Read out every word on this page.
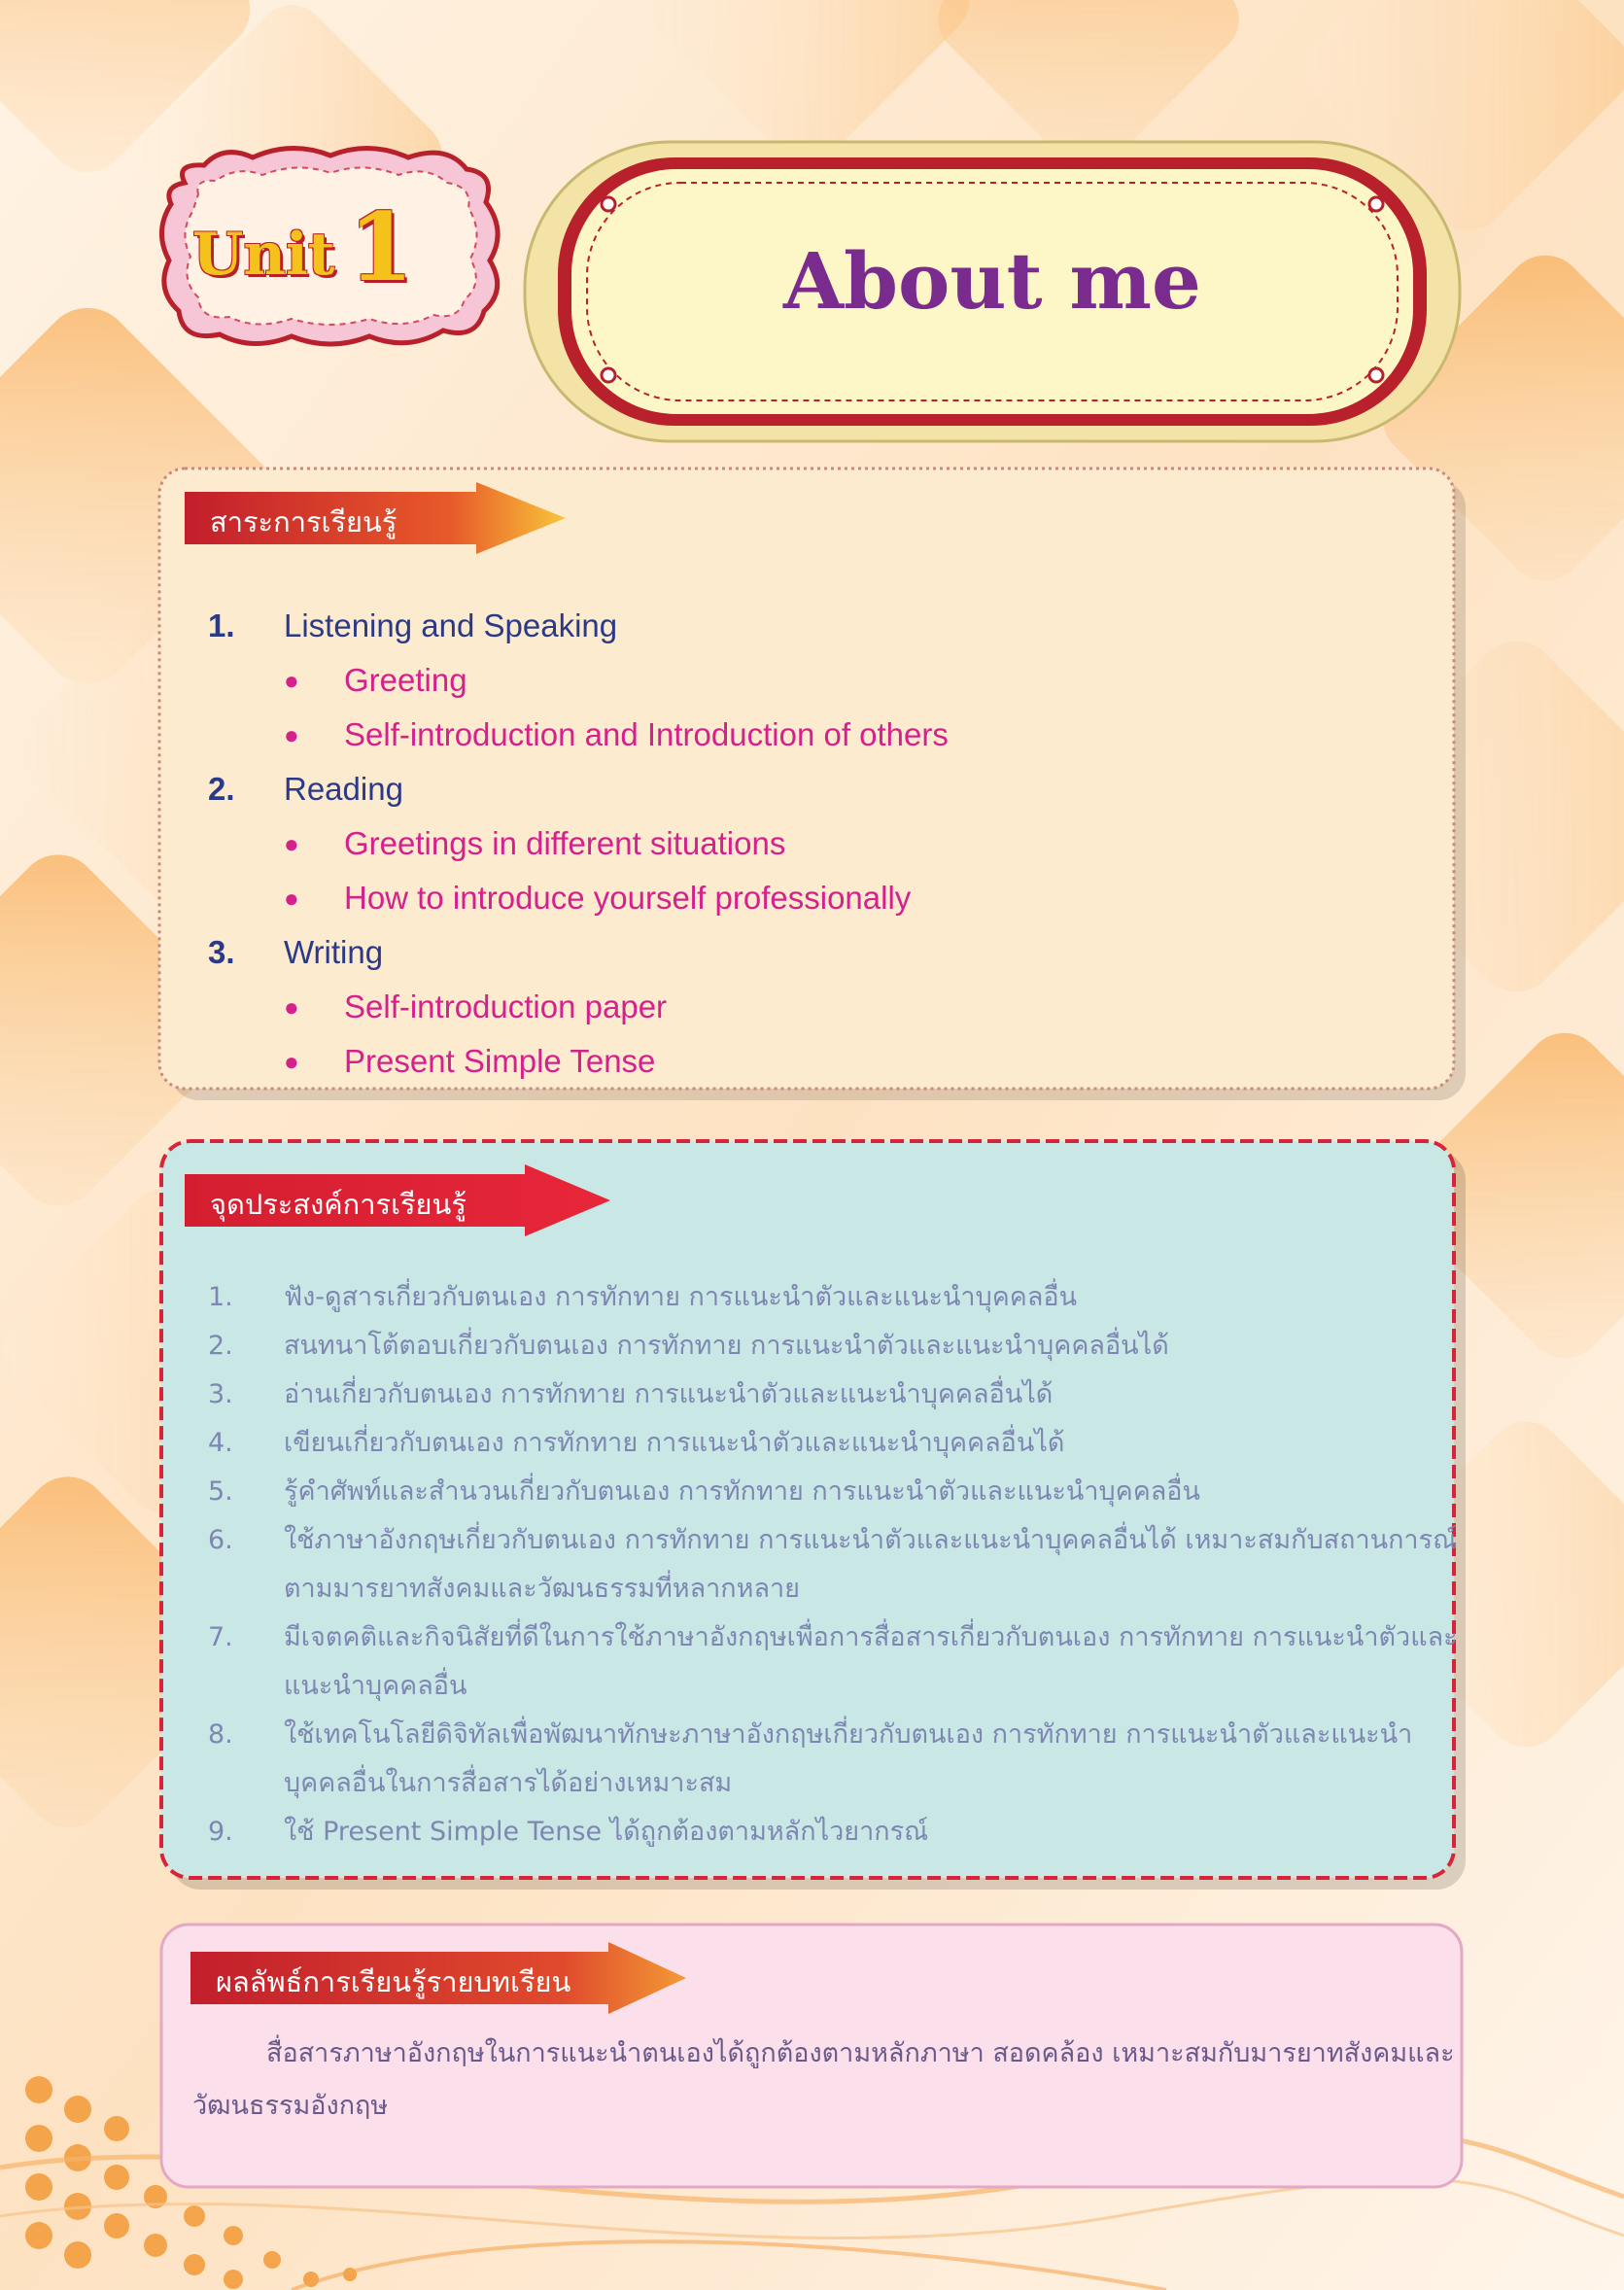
Unit 1	About me
สาระการเรียนรู้
1.	Listening and Speaking
●	Greeting
●	Self-introduction and Introduction of others
2.	Reading
●	Greetings in different situations
●	How to introduce yourself professionally
3.	Writing
●	Self-introduction paper
●	Present Simple Tense
จุดประสงค์การเรียนรู้
1.	ฟัง-ดูสารเกี่ยวกับตนเอง การทักทาย การแนะนำตัวและแนะนำบุคคลอื่น
2.	สนทนาโต้ตอบเกี่ยวกับตนเอง การทักทาย การแนะนำตัวและแนะนำบุคคลอื่นได้
3.	อ่านเกี่ยวกับตนเอง การทักทาย การแนะนำตัวและแนะนำบุคคลอื่นได้
4.	เขียนเกี่ยวกับตนเอง การทักทาย การแนะนำตัวและแนะนำบุคคลอื่นได้
5.	รู้คำศัพท์และสำนวนเกี่ยวกับตนเอง การทักทาย การแนะนำตัวและแนะนำบุคคลอื่น
6.	ใช้ภาษาอังกฤษเกี่ยวกับตนเอง การทักทาย การแนะนำตัวและแนะนำบุคคลอื่นได้ เหมาะสมกับสถานการณ์ตามมารยาทสังคมและวัฒนธรรมที่หลากหลาย
7.	มีเจตคติและกิจนิสัยที่ดีในการใช้ภาษาอังกฤษเพื่อการสื่อสารเกี่ยวกับตนเอง การทักทาย การแนะนำตัวและแนะนำบุคคลอื่น
8.	ใช้เทคโนโลยีดิจิทัลเพื่อพัฒนาทักษะภาษาอังกฤษเกี่ยวกับตนเอง การทักทาย การแนะนำตัวและแนะนำบุคคลอื่นในการสื่อสารได้อย่างเหมาะสม
9.	ใช้ Present Simple Tense ได้ถูกต้องตามหลักไวยากรณ์
ผลลัพธ์การเรียนรู้รายบทเรียน
สื่อสารภาษาอังกฤษในการแนะนำตนเองได้ถูกต้องตามหลักภาษา สอดคล้อง เหมาะสมกับมารยาทสังคมและวัฒนธรรมอังกฤษ
